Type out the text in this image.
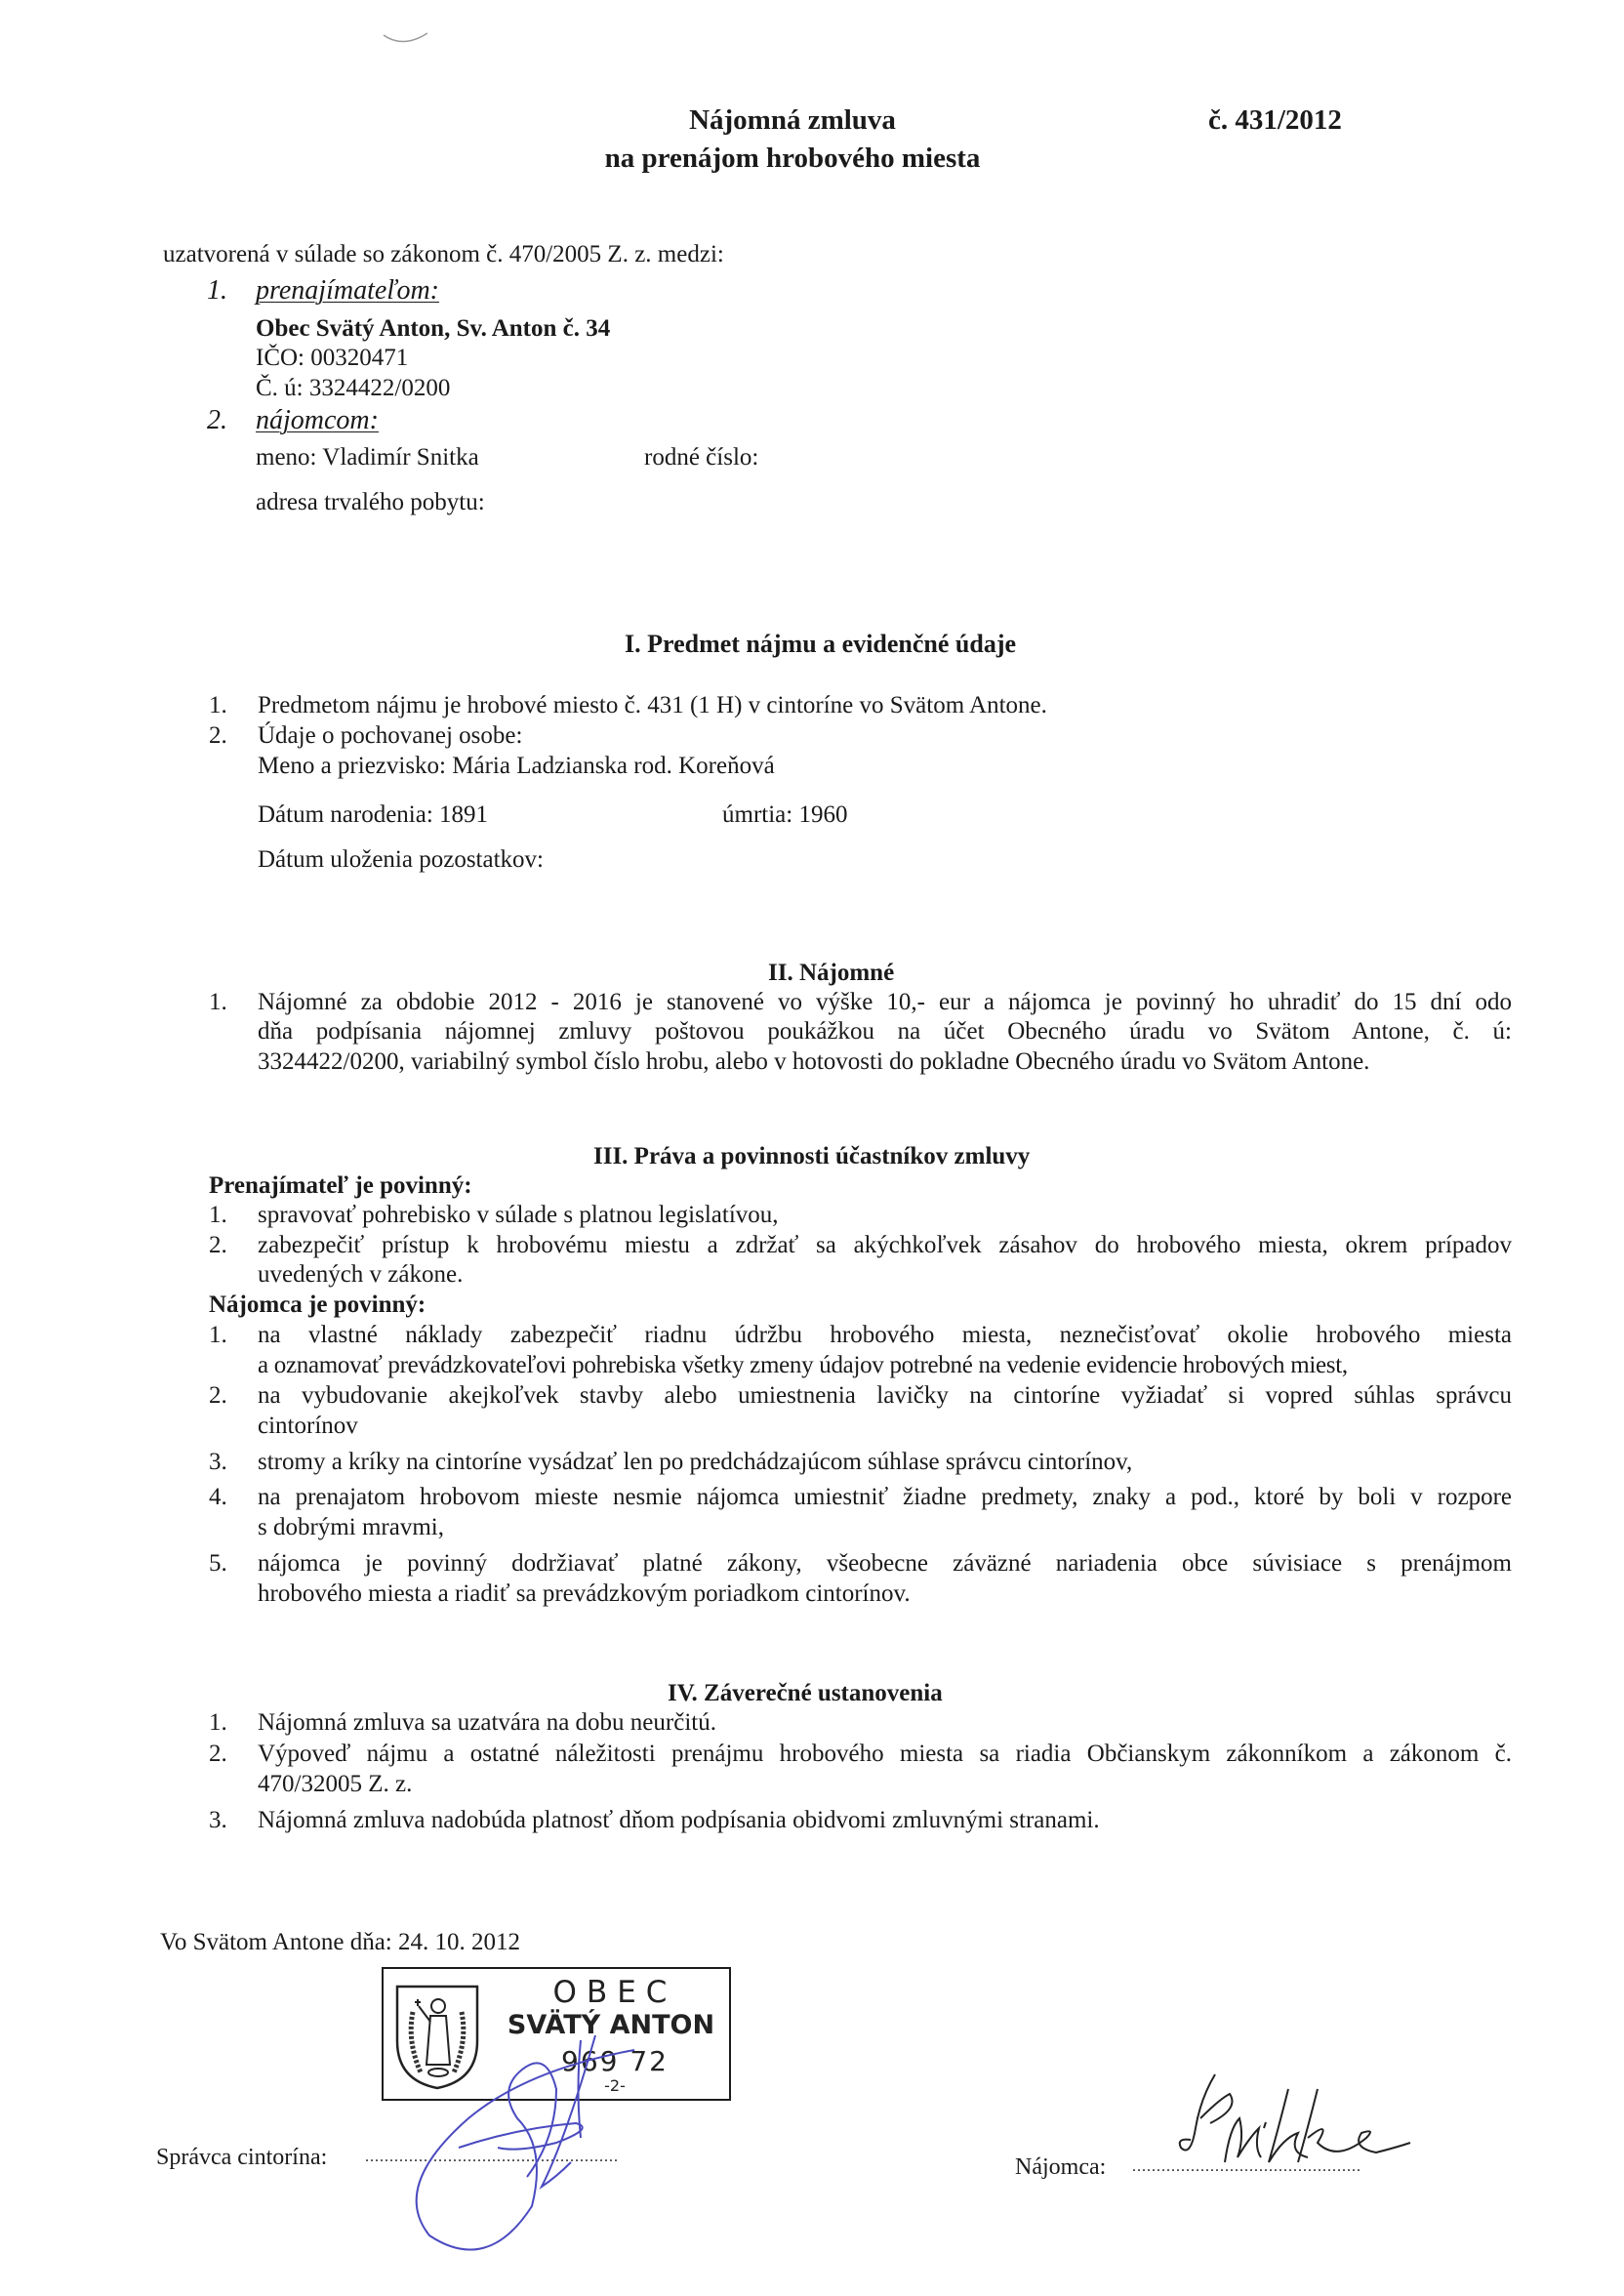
Nájomná zmluva
na prenájom hrobového miesta
č. 431/2012
uzatvorená v súlade so zákonom č. 470/2005 Z. z. medzi:
1. prenajímateľom:
Obec Svätý Anton, Sv. Anton č. 34
IČO: 00320471
Č. ú: 3324422/0200
2. nájomcom:
meno: Vladimír Snitka	rodné číslo:
adresa trvalého pobytu:
I. Predmet nájmu a evidenčné údaje
1. Predmetom nájmu je hrobové miesto č. 431 (1 H) v cintoríne vo Svätom Antone.
2. Údaje o pochovanej osobe:
Meno a priezvisko: Mária Ladzianska rod. Koreňová
Dátum narodenia: 1891	úmrtia: 1960
Dátum uloženia pozostatkov:
II. Nájomné
1. Nájomné za obdobie 2012 - 2016 je stanovené vo výške 10,- eur a nájomca je povinný ho uhradiť do 15 dní odo
dňa podpísania nájomnej zmluvy poštovou poukážkou na účet Obecného úradu vo Svätom Antone, č. ú:
3324422/0200, variabilný symbol číslo hrobu, alebo v hotovosti do pokladne Obecného úradu vo Svätom Antone.
III. Práva a povinnosti účastníkov zmluvy
Prenajímateľ je povinný:
1. spravovať pohrebisko v súlade s platnou legislatívou,
2. zabezpečiť prístup k hrobovému miestu a zdržať sa akýchkoľvek zásahov do hrobového miesta, okrem prípadov
uvedených v zákone.
Nájomca je povinný:
1. na vlastné náklady zabezpečiť riadnu údržbu hrobového miesta, neznečisťovať okolie hrobového miesta
a oznamovať prevádzkovateľovi pohrebiska všetky zmeny údajov potrebné na vedenie evidencie hrobových miest,
2. na vybudovanie akejkoľvek stavby alebo umiestnenia lavičky na cintoríne vyžiadať si vopred súhlas správcu
cintorínov
3. stromy a kríky na cintoríne vysádzať len po predchádzajúcom súhlase správcu cintorínov,
4. na prenajatom hrobovom mieste nesmie nájomca umiestniť žiadne predmety, znaky a pod., ktoré by boli v rozpore
s dobrými mravmi,
5. nájomca je povinný dodržiavať platné zákony, všeobecne záväzné nariadenia obce súvisiace s prenájmom
hrobového miesta a riadiť sa prevádzkovým poriadkom cintorínov.
IV. Záverečné ustanovenia
1. Nájomná zmluva sa uzatvára na dobu neurčitú.
2. Výpoveď nájmu a ostatné náležitosti prenájmu hrobového miesta sa riadia Občianskym zákonníkom a zákonom č.
470/32005 Z. z.
3. Nájomná zmluva nadobúda platnosť dňom podpísania obidvomi zmluvnými stranami.
Vo Svätom Antone dňa: 24. 10. 2012
OBEC
SVÄTÝ ANTON
969 72
-2-
Správca cintorína: ....................................................	Nájomca: ...............................................
